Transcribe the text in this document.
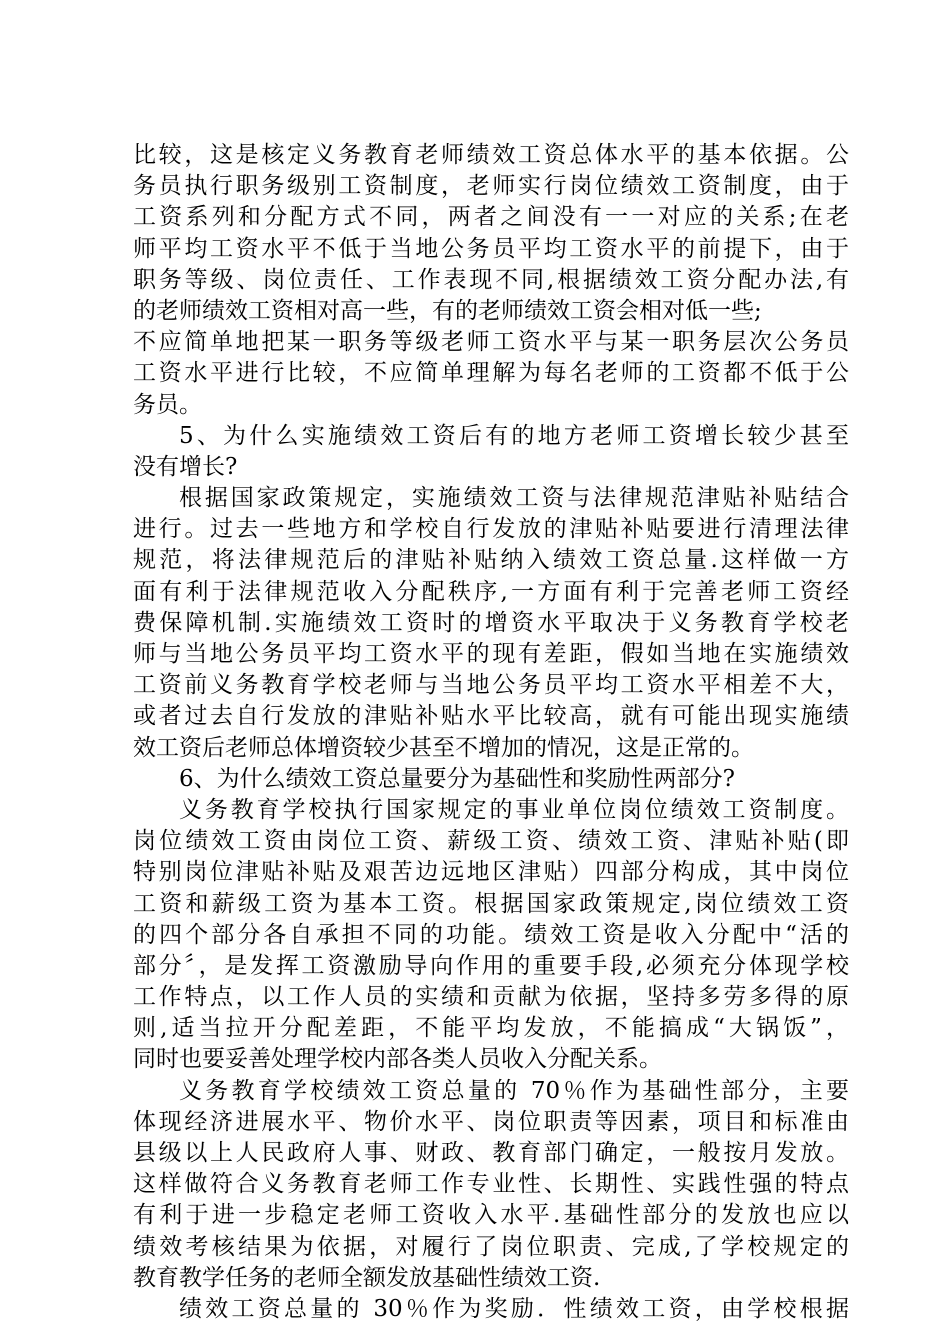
比较，这是核定义务教育老师绩效工资总体水平的基本依据。公
务员执行职务级别工资制度，老师实行岗位绩效工资制度，由于
工资系列和分配方式不同，两者之间没有一一对应的关系;在老
师平均工资水平不低于当地公务员平均工资水平的前提下，由于
职务等级、岗位责任、工作表现不同,根据绩效工资分配办法,有
的老师绩效工资相对高一些，有的老师绩效工资会相对低一些;
不应简单地把某一职务等级老师工资水平与某一职务层次公务员
工资水平进行比较，不应简单理解为每名老师的工资都不低于公
务员。
5、为什么实施绩效工资后有的地方老师工资增长较少甚至
没有增长?
根据国家政策规定，实施绩效工资与法律规范津贴补贴结合
进行。过去一些地方和学校自行发放的津贴补贴要进行清理法律
规范，将法律规范后的津贴补贴纳入绩效工资总量.这样做一方
面有利于法律规范收入分配秩序,一方面有利于完善老师工资经
费保障机制.实施绩效工资时的增资水平取决于义务教育学校老
师与当地公务员平均工资水平的现有差距，假如当地在实施绩效
工资前义务教育学校老师与当地公务员平均工资水平相差不大，
或者过去自行发放的津贴补贴水平比较高，就有可能出现实施绩
效工资后老师总体增资较少甚至不增加的情况，这是正常的。
6、为什么绩效工资总量要分为基础性和奖励性两部分?
义务教育学校执行国家规定的事业单位岗位绩效工资制度。
岗位绩效工资由岗位工资、薪级工资、绩效工资、津贴补贴(即
特别岗位津贴补贴及艰苦边远地区津贴）四部分构成，其中岗位
工资和薪级工资为基本工资。根据国家政策规定,岗位绩效工资
的四个部分各自承担不同的功能。绩效工资是收入分配中“活的
部分〞，是发挥工资激励导向作用的重要手段,必须充分体现学校
工作特点，以工作人员的实绩和贡献为依据，坚持多劳多得的原
则,适当拉开分配差距，不能平均发放，不能搞成“大锅饭”，
同时也要妥善处理学校内部各类人员收入分配关系。
义务教育学校绩效工资总量的 70％作为基础性部分，主要
体现经济进展水平、物价水平、岗位职责等因素，项目和标准由
县级以上人民政府人事、财政、教育部门确定，一般按月发放。
这样做符合义务教育老师工作专业性、长期性、实践性强的特点
有利于进一步稳定老师工资收入水平.基础性部分的发放也应以
绩效考核结果为依据，对履行了岗位职责、完成,了学校规定的
教育教学任务的老师全额发放基础性绩效工资.
绩效工资总量的 30％作为奖励．性绩效工资，由学校根据
